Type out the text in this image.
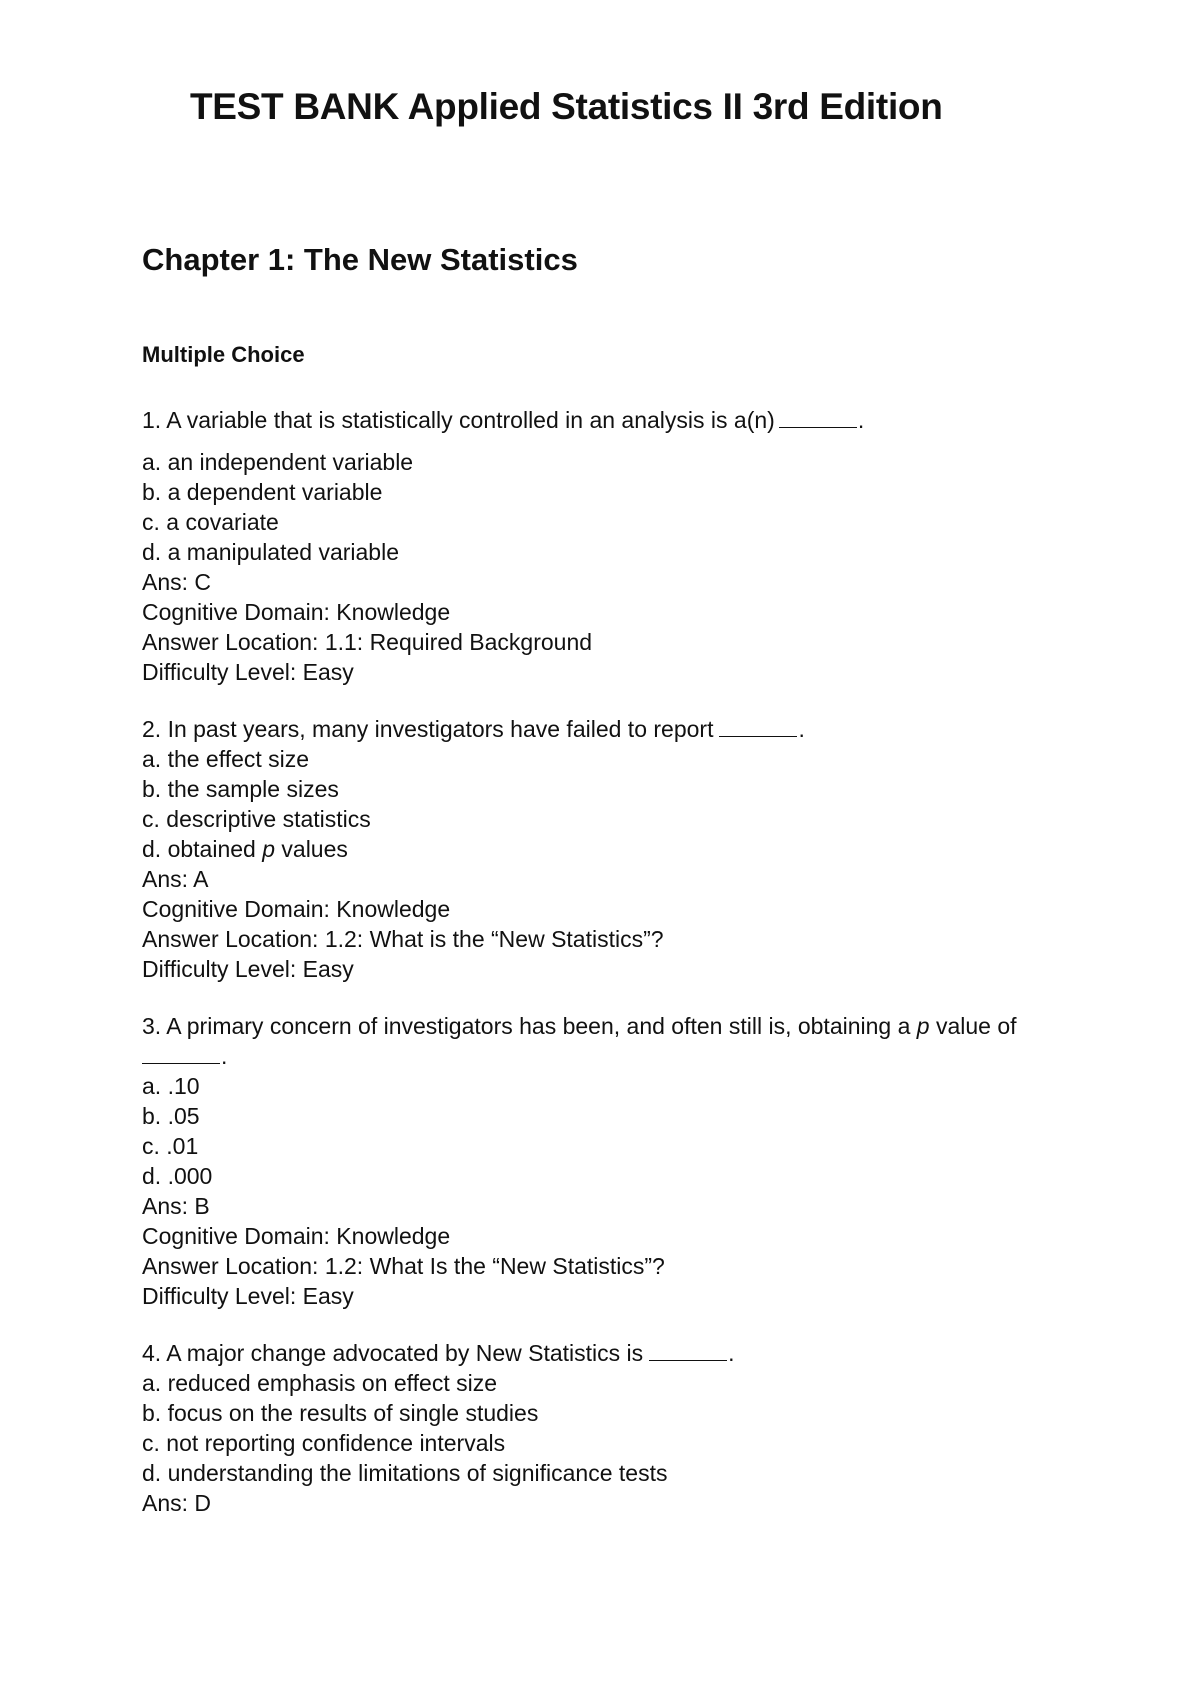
TEST BANK Applied Statistics II 3rd Edition
Chapter 1: The New Statistics
Multiple Choice
1. A variable that is statistically controlled in an analysis is a(n)	.
a. an independent variable
b. a dependent variable
c. a covariate
d. a manipulated variable
Ans: C
Cognitive Domain: Knowledge
Answer Location: 1.1: Required Background
Difficulty Level: Easy
2. In past years, many investigators have failed to report	.
a. the effect size
b. the sample sizes
c. descriptive statistics
d. obtained p values
Ans: A
Cognitive Domain: Knowledge
Answer Location: 1.2: What is the “New Statistics”?
Difficulty Level: Easy
3. A primary concern of investigators has been, and often still is, obtaining a p value of
.
a. .10
b. .05
c. .01
d. .000
Ans: B
Cognitive Domain: Knowledge
Answer Location: 1.2: What Is the “New Statistics”?
Difficulty Level: Easy
4. A major change advocated by New Statistics is	.
a. reduced emphasis on effect size
b. focus on the results of single studies
c. not reporting confidence intervals
d. understanding the limitations of significance tests
Ans: D
